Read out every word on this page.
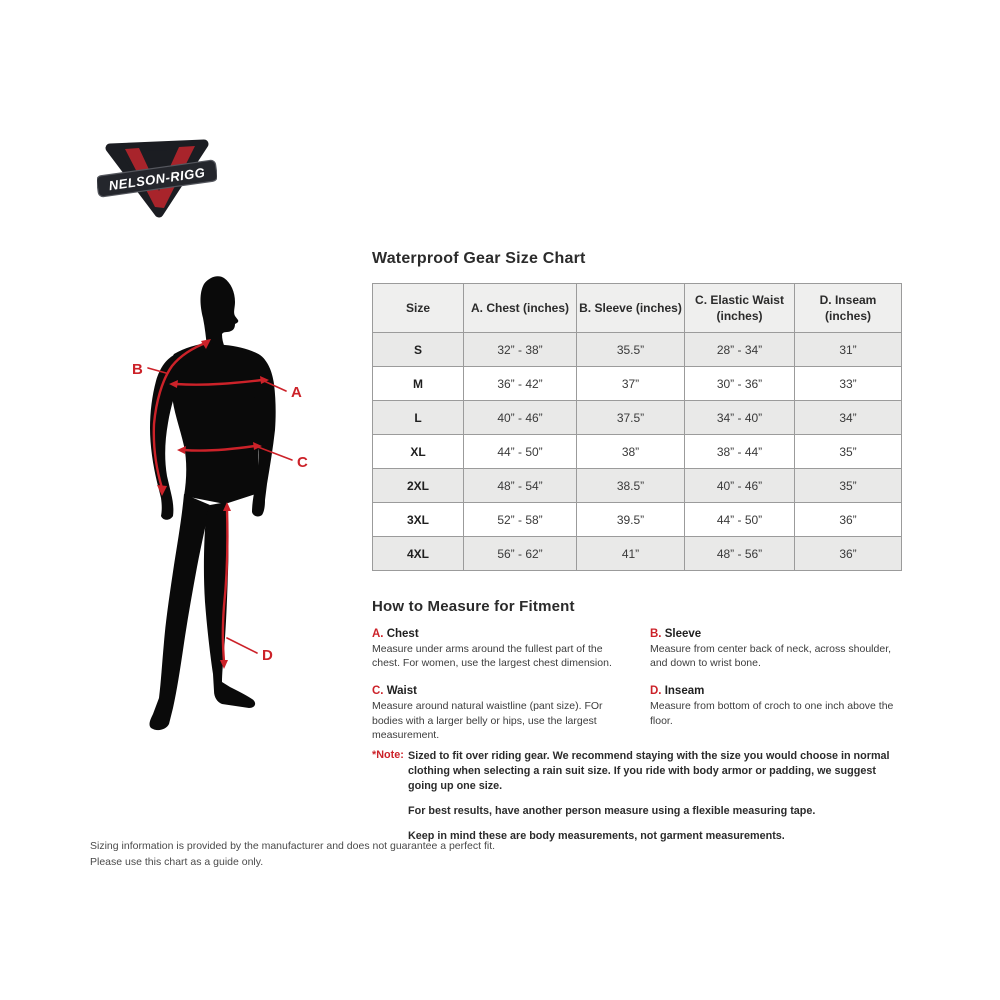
NELSON-RIGG
B
A
C
D
Waterproof Gear Size Chart
Size	A. Chest (inches)	B. Sleeve (inches)	C. Elastic Waist (inches)	D. Inseam (inches)
S	32” - 38”	35.5”	28” - 34”	31”
M	36” - 42”	37”	30” - 36”	33”
L	40” - 46”	37.5”	34” - 40”	34”
XL	44” - 50”	38”	38” - 44”	35”
2XL	48” - 54”	38.5”	40” - 46”	35”
3XL	52” - 58”	39.5”	44” - 50”	36”
4XL	56” - 62”	41”	48” - 56”	36”
How to Measure for Fitment
A. Chest

Measure under arms around the fullest part of the chest. For women, use the largest chest dimension.

B. Sleeve

Measure from center back of neck, across shoulder, and down to wrist bone.

C. Waist

Measure around natural waistline (pant size). FOr bodies with a larger belly or hips, use the largest measurement.

D. Inseam

Measure from bottom of croch to one inch above the floor.

*Note: Sized to fit over riding gear. We recommend staying with the size you would choose in normal clothing when selecting a rain suit size. If you ride with body armor or padding, we suggest going up one size.

For best results, have another person measure using a flexible measuring tape.

Keep in mind these are body measurements, not garment measurements.

Sizing information is provided by the manufacturer and does not guarantee a perfect fit.
Please use this chart as a guide only.
